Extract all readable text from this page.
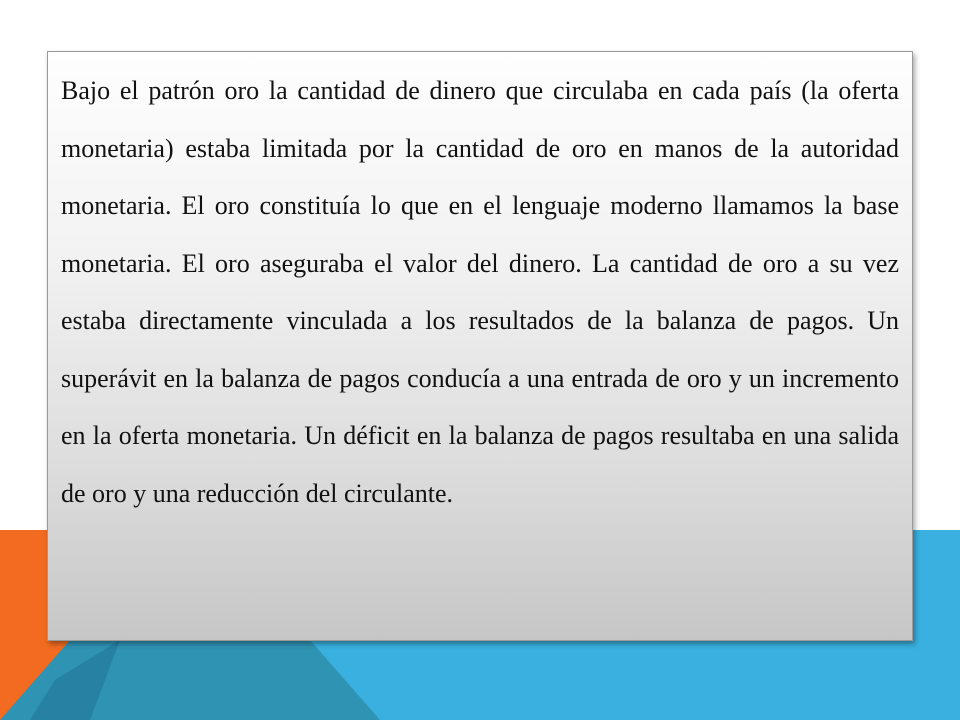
Bajo el patrón oro la cantidad de dinero que circulaba en cada país (la oferta monetaria) estaba limitada por la cantidad de oro en manos de la autoridad monetaria. El oro constituía lo que en el lenguaje moderno llamamos la base monetaria. El oro aseguraba el valor del dinero. La cantidad de oro a su vez estaba directamente vinculada a los resultados de la balanza de pagos. Un superávit en la balanza de pagos conducía a una entrada de oro y un incremento en la oferta monetaria. Un déficit en la balanza de pagos resultaba en una salida de oro y una reducción del circulante.
